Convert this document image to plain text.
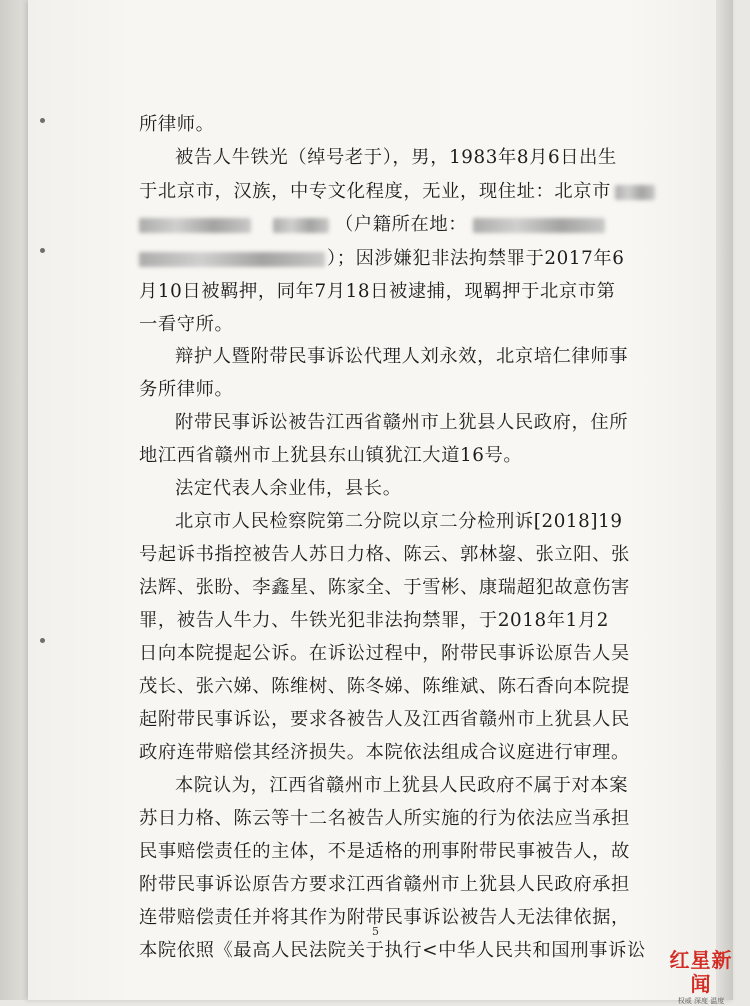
所律师。
被告人牛铁光（绰号老于），男，1983年8月6日出生
于北京市，汉族，中专文化程度，无业，现住址：北京市
（户籍所在地：
）；因涉嫌犯非法拘禁罪于2017年6
月10日被羁押，同年7月18日被逮捕，现羁押于北京市第
一看守所。
辩护人暨附带民事诉讼代理人刘永效，北京培仁律师事
务所律师。
附带民事诉讼被告江西省赣州市上犹县人民政府，住所
地江西省赣州市上犹县东山镇犹江大道16号。
法定代表人余业伟，县长。
北京市人民检察院第二分院以京二分检刑诉[2018]19
号起诉书指控被告人苏日力格、陈云、郭林鋆、张立阳、张
法辉、张盼、李鑫星、陈家全、于雪彬、康瑞超犯故意伤害
罪，被告人牛力、牛铁光犯非法拘禁罪，于2018年1月2
日向本院提起公诉。在诉讼过程中，附带民事诉讼原告人吴
茂长、张六娣、陈维树、陈冬娣、陈维斌、陈石香向本院提
起附带民事诉讼，要求各被告人及江西省赣州市上犹县人民
政府连带赔偿其经济损失。本院依法组成合议庭进行审理。
本院认为，江西省赣州市上犹县人民政府不属于对本案
苏日力格、陈云等十二名被告人所实施的行为依法应当承担
民事赔偿责任的主体，不是适格的刑事附带民事被告人，故
附带民事诉讼原告方要求江西省赣州市上犹县人民政府承担
连带赔偿责任并将其作为附带民事诉讼被告人无法律依据，
本院依照《最高人民法院关于执行<中华人民共和国刑事诉讼
5
红星新闻
权威 深度 温度
